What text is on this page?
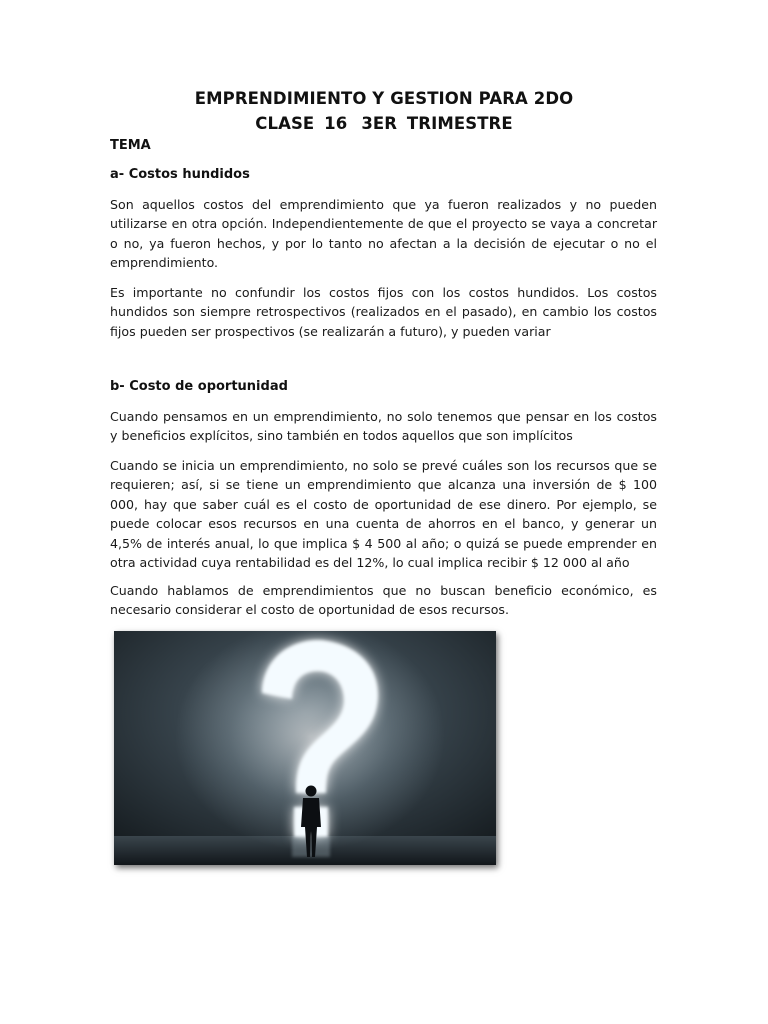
EMPRENDIMIENTO Y GESTION PARA 2DO
CLASE 16 3ER TRIMESTRE
TEMA
a- Costos hundidos
Son aquellos costos del emprendimiento que ya fueron realizados y no pueden utilizarse en otra opción. Independientemente de que el proyecto se vaya a concretar o no, ya fueron hechos, y por lo tanto no afectan a la decisión de ejecutar o no el emprendimiento.
Es importante no confundir los costos fijos con los costos hundidos. Los costos hundidos son siempre retrospectivos (realizados en el pasado), en cambio los costos fijos pueden ser prospectivos (se realizarán a futuro), y pueden variar
b- Costo de oportunidad
Cuando pensamos en un emprendimiento, no solo tenemos que pensar en los costos y beneficios explícitos, sino también en todos aquellos que son implícitos
Cuando se inicia un emprendimiento, no solo se prevé cuáles son los recursos que se requieren; así, si se tiene un emprendimiento que alcanza una inversión de $ 100 000, hay que saber cuál es el costo de oportunidad de ese dinero. Por ejemplo, se puede colocar esos recursos en una cuenta de ahorros en el banco, y generar un 4,5% de interés anual, lo que implica $ 4 500 al año; o quizá se puede emprender en otra actividad cuya rentabilidad es del 12%, lo cual implica recibir $ 12 000 al año
Cuando hablamos de emprendimientos que no buscan beneficio económico, es necesario considerar el costo de oportunidad de esos recursos.
